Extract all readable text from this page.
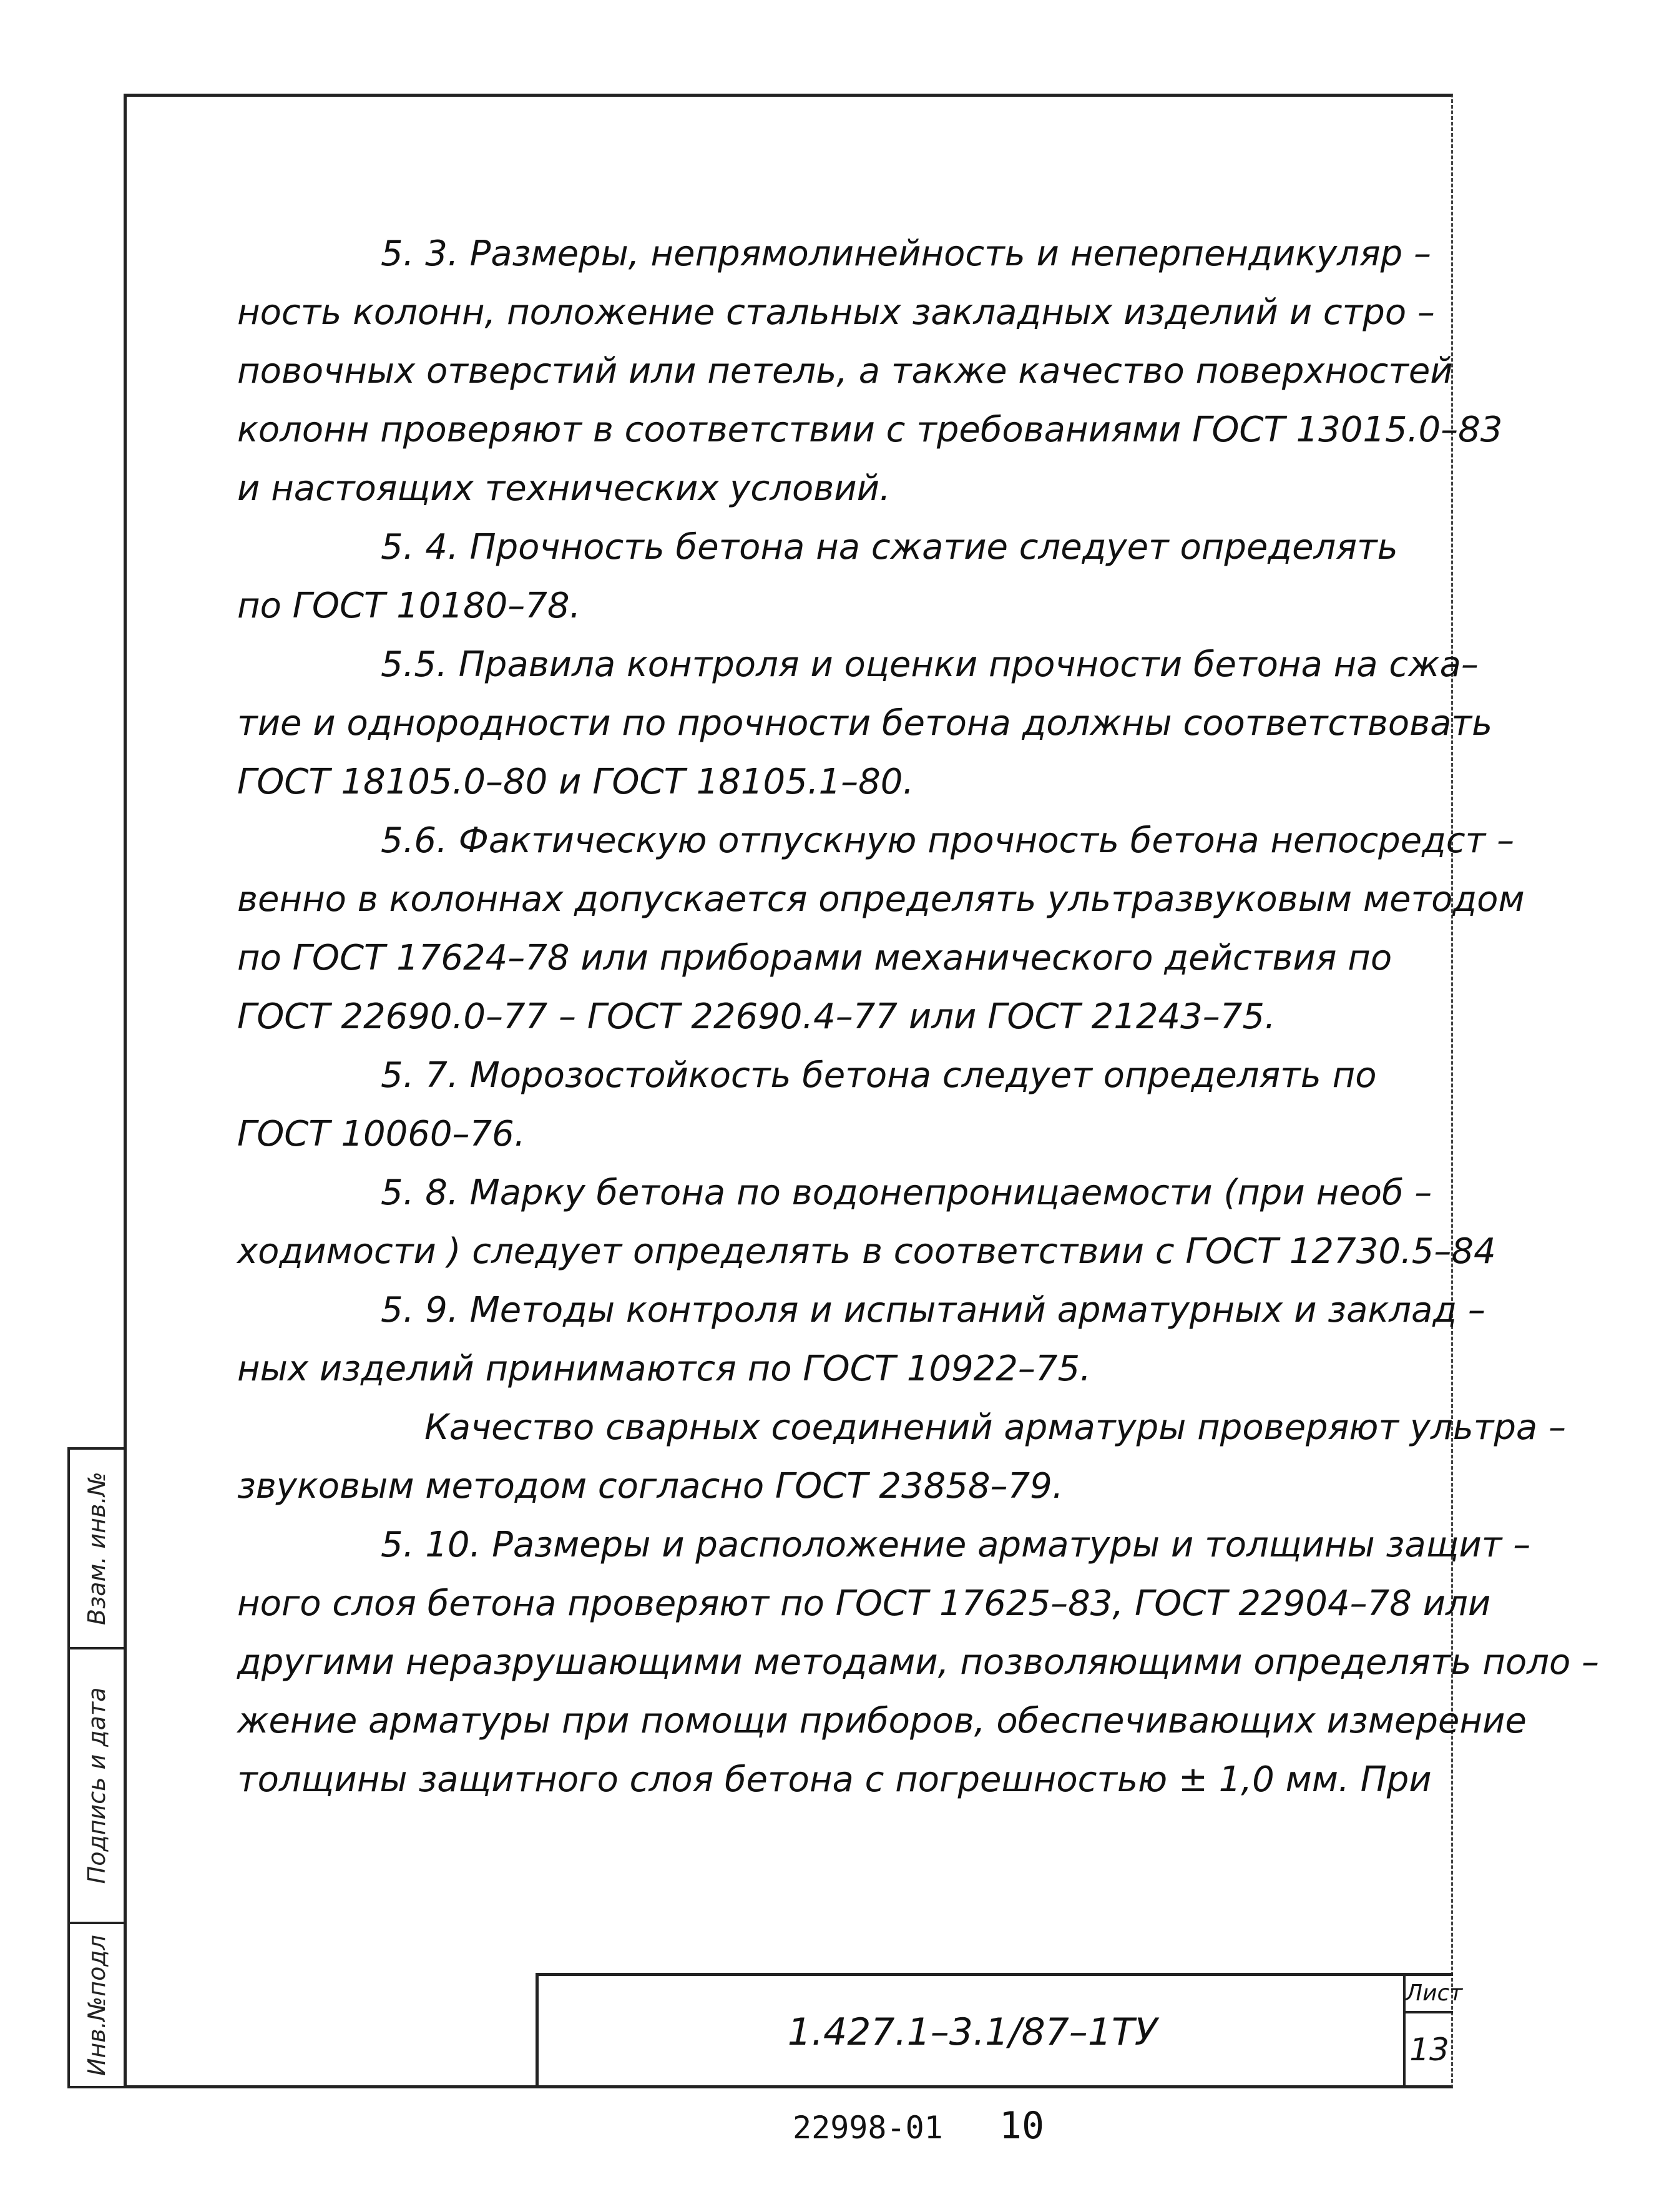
Взам. инв.№
Подпись и дата
Инв.№подл
5. 3. Размеры, непрямолинейность и неперпендикуляр –
ность колонн, положение стальных закладных изделий и стро –
повочных отверстий или петель, а также качество поверхностей
колонн проверяют в соответствии с требованиями ГОСТ 13015.0–83
и настоящих технических условий.
5. 4. Прочность бетона на сжатие следует определять
по ГОСТ 10180–78.
5.5. Правила контроля и оценки прочности бетона на сжа–
тие и однородности по прочности бетона должны соответствовать
ГОСТ 18105.0–80 и ГОСТ 18105.1–80.
5.6. Фактическую отпускную прочность бетона непосредст –
венно в колоннах допускается определять ультразвуковым методом
по ГОСТ 17624–78 или приборами механического действия по
ГОСТ 22690.0–77 – ГОСТ 22690.4–77 или ГОСТ 21243–75.
5. 7. Морозостойкость бетона следует определять по
ГОСТ 10060–76.
5. 8. Марку бетона по водонепроницаемости (при необ –
ходимости ) следует определять в соответствии с ГОСТ 12730.5–84
5. 9. Методы контроля и испытаний арматурных и заклад –
ных изделий принимаются по ГОСТ 10922–75.
Качество сварных соединений арматуры проверяют ультра –
звуковым методом согласно ГОСТ 23858–79.
5. 10. Размеры и расположение арматуры и толщины защит –
ного слоя бетона проверяют по ГОСТ 17625–83, ГОСТ 22904–78 или
другими неразрушающими методами, позволяющими определять поло –
жение арматуры при помощи приборов, обеспечивающих измерение
толщины защитного слоя бетона с погрешностью ± 1,0 мм. При
1.427.1–3.1/87–1ТУ
Лист
13
22998-01 10
